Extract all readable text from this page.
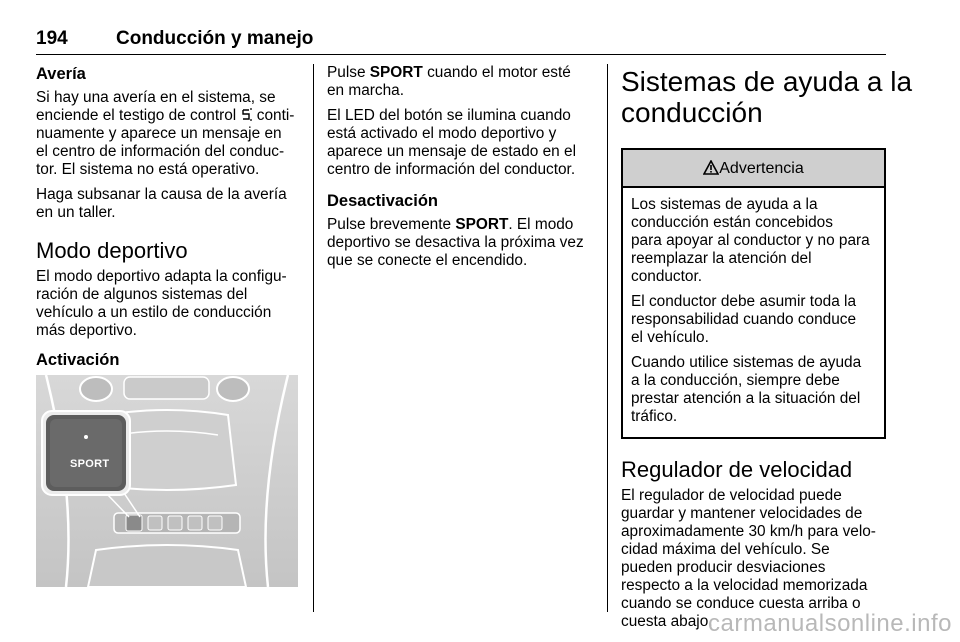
194	Conducción y manejo
Avería

Si hay una avería en el sistema, se
enciende el testigo de control  conti-
nuamente y aparece un mensaje en
el centro de información del conduc-
tor. El sistema no está operativo.

Haga subsanar la causa de la avería
en un taller.

Modo deportivo

El modo deportivo adapta la configu-
ración de algunos sistemas del
vehículo a un estilo de conducción
más deportivo.

Activación
SPORT

Pulse SPORT cuando el motor esté
en marcha.

El LED del botón se ilumina cuando
está activado el modo deportivo y
aparece un mensaje de estado en el
centro de información del conductor.

Desactivación

Pulse brevemente SPORT. El modo
deportivo se desactiva la próxima vez
que se conecte el encendido.

Sistemas de ayuda a la
conducción
Advertencia

Los sistemas de ayuda a la
conducción están concebidos
para apoyar al conductor y no para
reemplazar la atención del
conductor.

El conductor debe asumir toda la
responsabilidad cuando conduce
el vehículo.

Cuando utilice sistemas de ayuda
a la conducción, siempre debe
prestar atención a la situación del
tráfico.

Regulador de velocidad

El regulador de velocidad puede
guardar y mantener velocidades de
aproximadamente 30 km/h para velo-
cidad máxima del vehículo. Se
pueden producir desviaciones
respecto a la velocidad memorizada
cuando se conduce cuesta arriba o
cuesta abajo.

carmanualsonline.info
